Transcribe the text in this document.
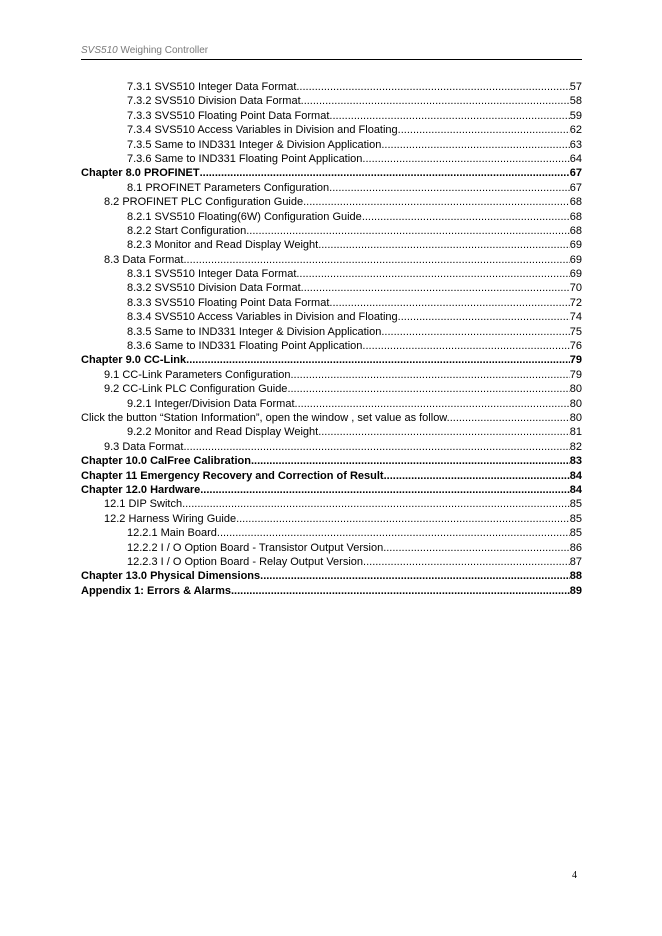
SVS510 Weighing Controller
7.3.1 SVS510 Integer Data Format .....	57
7.3.2 SVS510 Division Data Format .....	58
7.3.3 SVS510 Floating Point Data Format. .....	59
7.3.4 SVS510 Access Variables in Division and Floating .....	62
7.3.5 Same to IND331 Integer & Division Application .....	63
7.3.6 Same to IND331 Floating Point Application .....	64
Chapter 8.0 PROFINET .....	67
8.1 PROFINET Parameters Configuration .....	67
8.2 PROFINET PLC Configuration Guide .....	68
8.2.1 SVS510 Floating(6W) Configuration Guide .....	68
8.2.2 Start Configuration .....	68
8.2.3 Monitor and Read Display Weight .....	69
8.3 Data Format .....	69
8.3.1 SVS510 Integer Data Format .....	69
8.3.2 SVS510 Division Data Format .....	70
8.3.3 SVS510 Floating Point Data Format. .....	72
8.3.4 SVS510 Access Variables in Division and Floating .....	74
8.3.5 Same to IND331 Integer & Division Application .....	75
8.3.6 Same to IND331 Floating Point Application .....	76
Chapter 9.0 CC-Link .....	79
9.1 CC-Link Parameters Configuration .....	79
9.2 CC-Link PLC Configuration Guide .....	80
9.2.1 Integer/Division Data Format .....	80
Click the button “Station Information”, open the window , set value as follow. .....	80
9.2.2 Monitor and Read Display Weight .....	81
9.3 Data Format .....	82
Chapter 10.0 CalFree Calibration .....	83
Chapter 11 Emergency Recovery and Correction of Result .....	84
Chapter 12.0 Hardware .....	84
12.1 DIP Switch .....	85
12.2 Harness Wiring Guide .....	85
12.2.1 Main Board .....	85
12.2.2 I / O Option Board - Transistor Output Version .....	86
12.2.3 I / O Option Board - Relay Output Version .....	87
Chapter 13.0 Physical Dimensions .....	88
Appendix 1: Errors & Alarms .....	89
4
